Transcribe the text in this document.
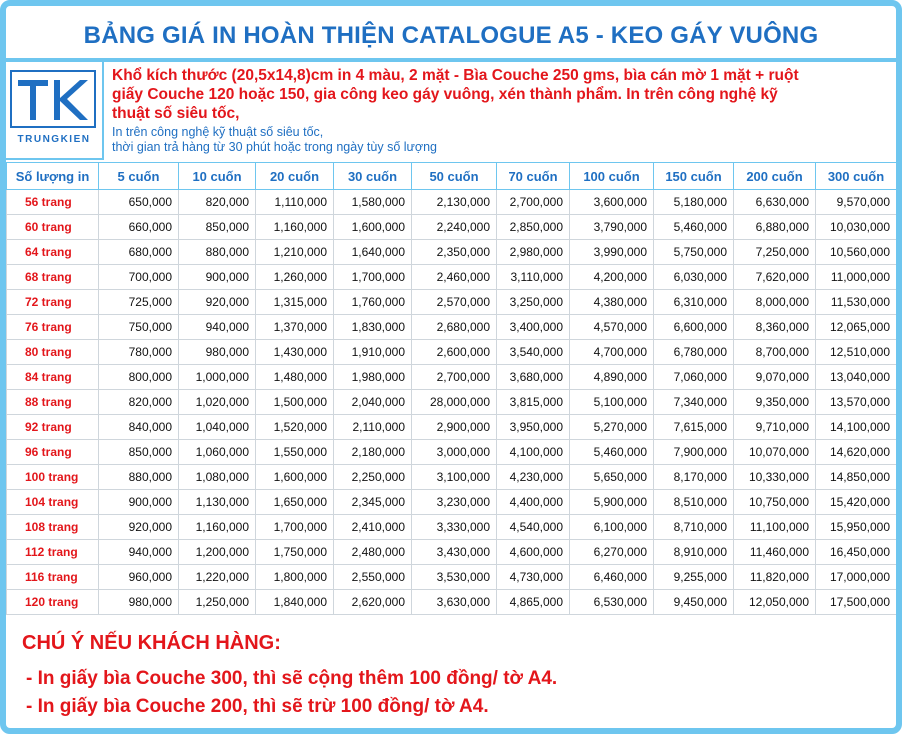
BẢNG GIÁ IN HOÀN THIỆN CATALOGUE A5 - KEO GÁY VUÔNG
TRUNGKIEN
Khổ kích thước (20,5x14,8)cm in 4 màu, 2 mặt - Bìa Couche 250 gms, bìa cán mờ 1 mặt + ruột
giấy Couche 120 hoặc 150, gia công keo gáy vuông, xén thành phẩm. In trên công nghệ kỹ
thuật số siêu tốc,
In trên công nghệ kỹ thuật số siêu tốc,
thời gian trả hàng từ 30 phút hoặc trong ngày tùy số lượng
Số lượng in	5 cuốn	10 cuốn	20 cuốn	30 cuốn	50 cuốn	70 cuốn	100 cuốn	150 cuốn	200 cuốn	300 cuốn
56 trang	650,000	820,000	1,110,000	1,580,000	2,130,000	2,700,000	3,600,000	5,180,000	6,630,000	9,570,000
60 trang	660,000	850,000	1,160,000	1,600,000	2,240,000	2,850,000	3,790,000	5,460,000	6,880,000	10,030,000
64 trang	680,000	880,000	1,210,000	1,640,000	2,350,000	2,980,000	3,990,000	5,750,000	7,250,000	10,560,000
68 trang	700,000	900,000	1,260,000	1,700,000	2,460,000	3,110,000	4,200,000	6,030,000	7,620,000	11,000,000
72 trang	725,000	920,000	1,315,000	1,760,000	2,570,000	3,250,000	4,380,000	6,310,000	8,000,000	11,530,000
76 trang	750,000	940,000	1,370,000	1,830,000	2,680,000	3,400,000	4,570,000	6,600,000	8,360,000	12,065,000
80 trang	780,000	980,000	1,430,000	1,910,000	2,600,000	3,540,000	4,700,000	6,780,000	8,700,000	12,510,000
84 trang	800,000	1,000,000	1,480,000	1,980,000	2,700,000	3,680,000	4,890,000	7,060,000	9,070,000	13,040,000
88 trang	820,000	1,020,000	1,500,000	2,040,000	28,000,000	3,815,000	5,100,000	7,340,000	9,350,000	13,570,000
92 trang	840,000	1,040,000	1,520,000	2,110,000	2,900,000	3,950,000	5,270,000	7,615,000	9,710,000	14,100,000
96 trang	850,000	1,060,000	1,550,000	2,180,000	3,000,000	4,100,000	5,460,000	7,900,000	10,070,000	14,620,000
100 trang	880,000	1,080,000	1,600,000	2,250,000	3,100,000	4,230,000	5,650,000	8,170,000	10,330,000	14,850,000
104 trang	900,000	1,130,000	1,650,000	2,345,000	3,230,000	4,400,000	5,900,000	8,510,000	10,750,000	15,420,000
108 trang	920,000	1,160,000	1,700,000	2,410,000	3,330,000	4,540,000	6,100,000	8,710,000	11,100,000	15,950,000
112 trang	940,000	1,200,000	1,750,000	2,480,000	3,430,000	4,600,000	6,270,000	8,910,000	11,460,000	16,450,000
116 trang	960,000	1,220,000	1,800,000	2,550,000	3,530,000	4,730,000	6,460,000	9,255,000	11,820,000	17,000,000
120 trang	980,000	1,250,000	1,840,000	2,620,000	3,630,000	4,865,000	6,530,000	9,450,000	12,050,000	17,500,000
CHÚ Ý NẾU KHÁCH HÀNG:
- In giấy bìa Couche 300, thì sẽ cộng thêm 100 đồng/ tờ A4.
- In giấy bìa Couche 200, thì sẽ trừ 100 đồng/ tờ A4.
